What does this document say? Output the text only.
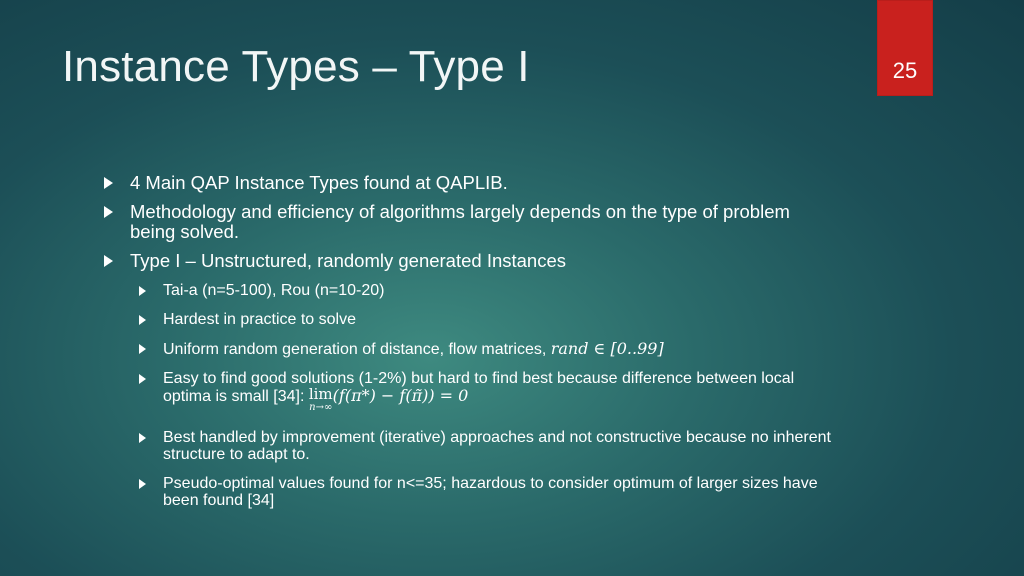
Instance Types – Type I	25
4 Main QAP Instance Types found at QAPLIB.
Methodology and efficiency of algorithms largely depends on the type of problem being solved.
Type I – Unstructured, randomly generated Instances
Tai-a (n=5-100), Rou (n=10-20)
Hardest in practice to solve
Uniform random generation of distance, flow matrices, rand ∈ [0..99]
Easy to find good solutions (1-2%) but hard to find best because difference between local optima is small [34]: lim
n→∞
(f(π*) − f(π̃)) = 0
Best handled by improvement (iterative) approaches and not constructive because no inherent structure to adapt to.
Pseudo-optimal values found for n<=35; hazardous to consider optimum of larger sizes have been found [34]
